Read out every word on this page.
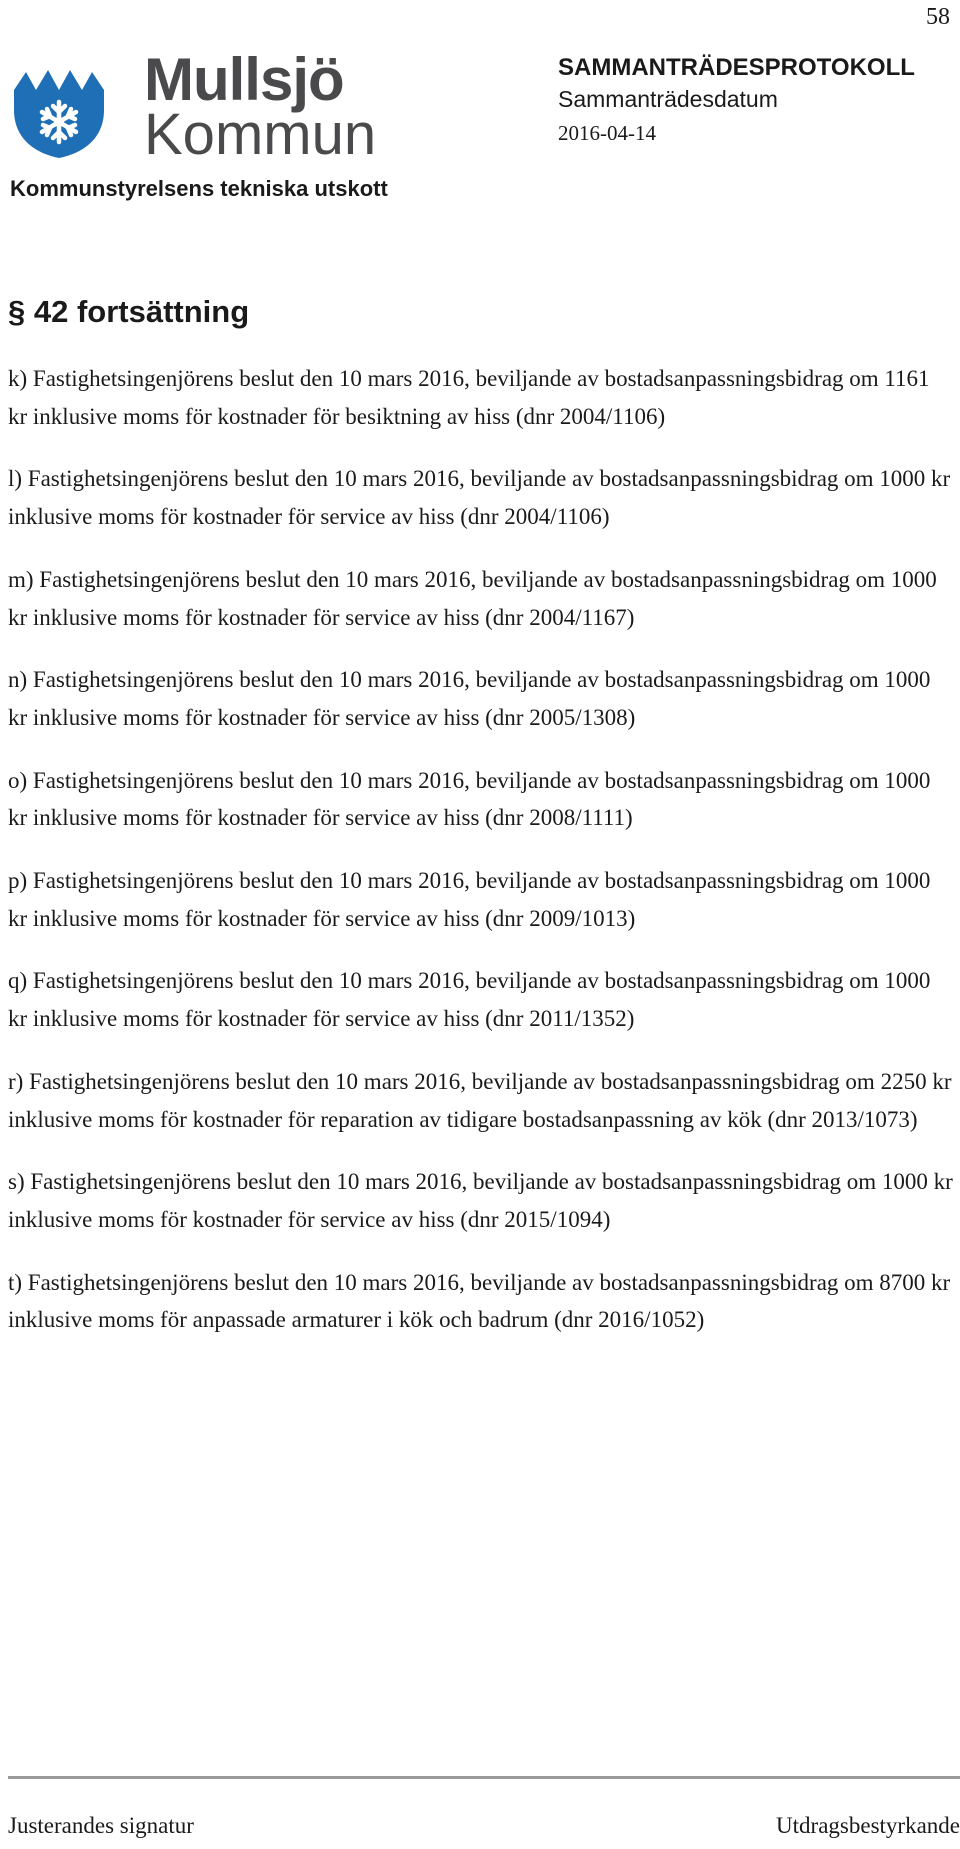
58
Mullsjö
Kommun
SAMMANTRÄDESPROTOKOLL
Sammanträdesdatum
2016-04-14
Kommunstyrelsens tekniska utskott
§ 42 fortsättning

k) Fastighetsingenjörens beslut den 10 mars 2016, beviljande av bostadsanpassningsbidrag om 1161 kr inklusive moms för kostnader för besiktning av hiss (dnr 2004/1106)

l) Fastighetsingenjörens beslut den 10 mars 2016, beviljande av bostadsanpassningsbidrag om 1000 kr inklusive moms för kostnader för service av hiss (dnr 2004/1106)

m) Fastighetsingenjörens beslut den 10 mars 2016, beviljande av bostadsanpassningsbidrag om 1000 kr inklusive moms för kostnader för service av hiss (dnr 2004/1167)

n) Fastighetsingenjörens beslut den 10 mars 2016, beviljande av bostadsanpassningsbidrag om 1000 kr inklusive moms för kostnader för service av hiss (dnr 2005/1308)

o) Fastighetsingenjörens beslut den 10 mars 2016, beviljande av bostadsanpassningsbidrag om 1000 kr inklusive moms för kostnader för service av hiss (dnr 2008/1111)

p) Fastighetsingenjörens beslut den 10 mars 2016, beviljande av bostadsanpassningsbidrag om 1000 kr inklusive moms för kostnader för service av hiss (dnr 2009/1013)

q) Fastighetsingenjörens beslut den 10 mars 2016, beviljande av bostadsanpassningsbidrag om 1000 kr inklusive moms för kostnader för service av hiss (dnr 2011/1352)

r) Fastighetsingenjörens beslut den 10 mars 2016, beviljande av bostadsanpassningsbidrag om 2250 kr inklusive moms för kostnader för reparation av tidigare bostadsanpassning av kök (dnr 2013/1073)

s) Fastighetsingenjörens beslut den 10 mars 2016, beviljande av bostadsanpassningsbidrag om 1000 kr inklusive moms för kostnader för service av hiss (dnr 2015/1094)

t) Fastighetsingenjörens beslut den 10 mars 2016, beviljande av bostadsanpassningsbidrag om 8700 kr inklusive moms för anpassade armaturer i kök och badrum (dnr 2016/1052)

Justerandes signatur	Utdragsbestyrkande
